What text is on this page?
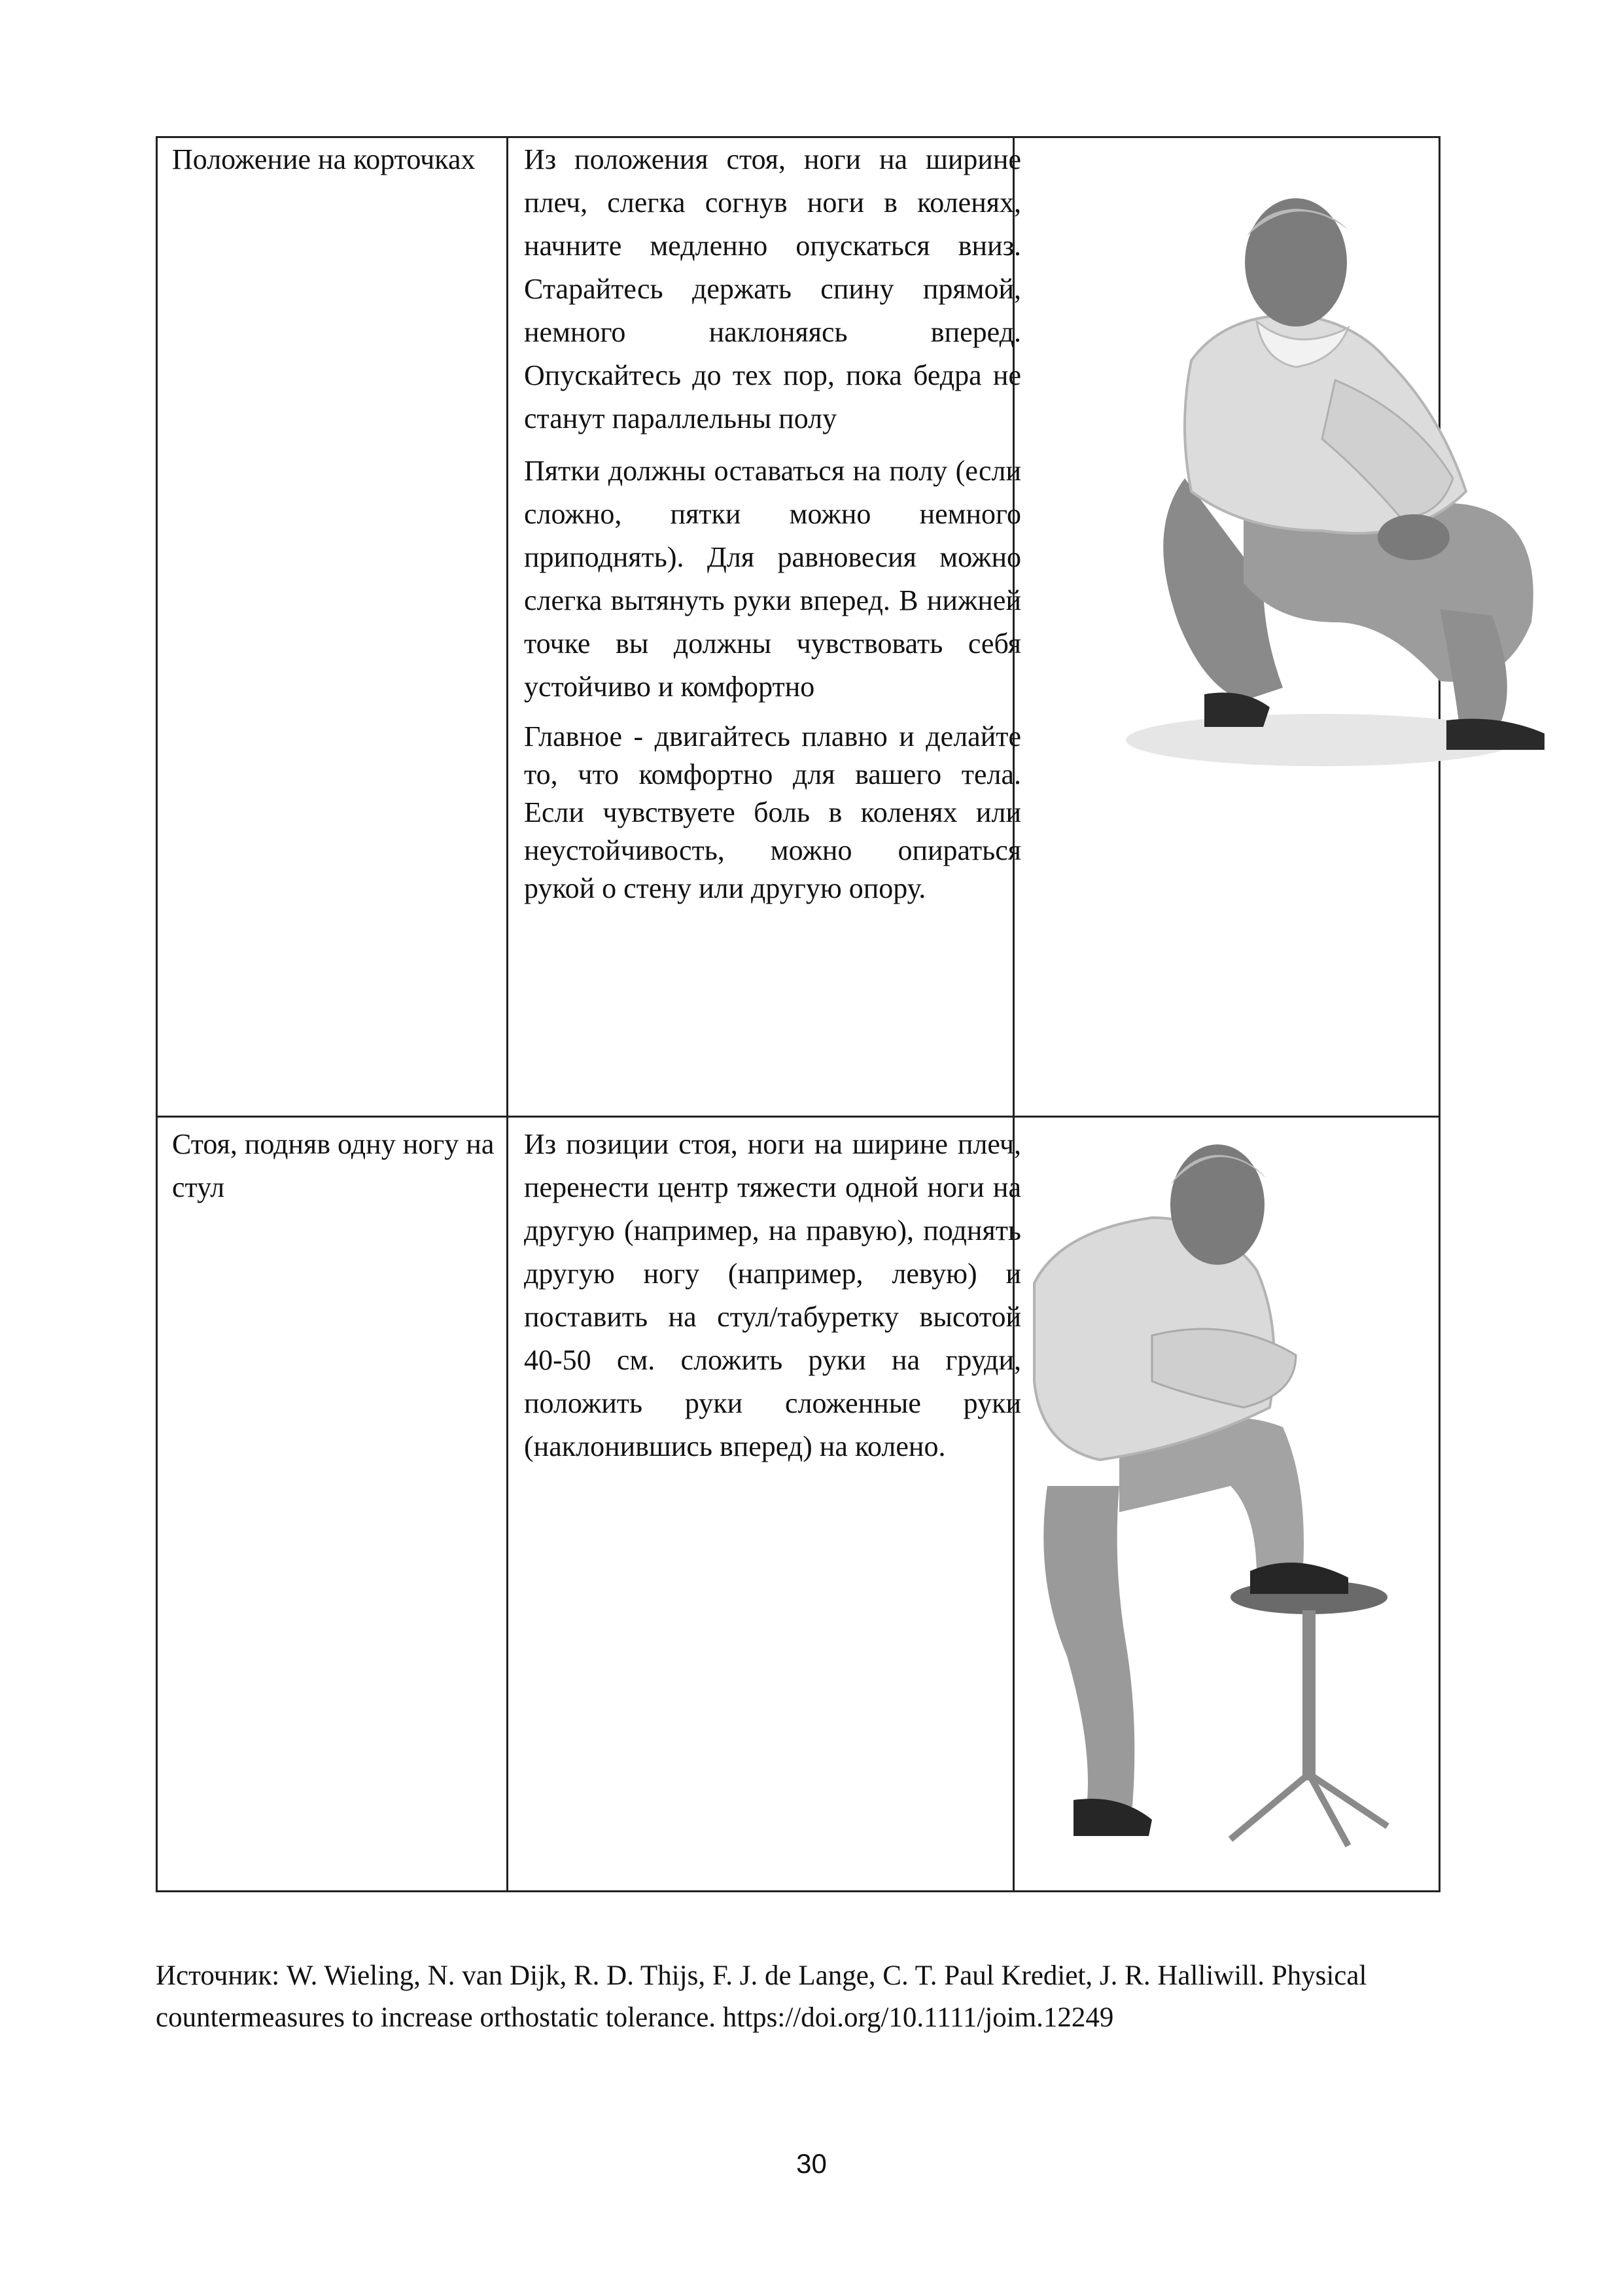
Положение на корточках	Из положения стоя, ноги на ширине плеч, слегка согнув ноги в коленях, начните медленно опускаться вниз. Старайтесь держать спину прямой, немного наклоняясь вперед. Опускайтесь до тех пор, пока бедра не станут параллельны полу

Пятки должны оставаться на полу (если сложно, пятки можно немного приподнять). Для равновесия можно слегка вытянуть руки вперед. В нижней точке вы должны чувствовать себя устойчиво и комфортно

Главное - двигайтесь плавно и делайте то, что комфортно для вашего тела. Если чувствуете боль в коленях или неустойчивость, можно опираться рукой о стену или другую опору.

Стоя, подняв одну ногу на стул

Из позиции стоя, ноги на ширине плеч, перенести центр тяжести одной ноги на другую (например, на правую), поднять другую ногу (например, левую) и поставить на стул/табуретку высотой 40-50 см. сложить руки на груди, положить руки сложенные руки (наклонившись вперед) на колено.

Источник: W. Wieling, N. van Dijk, R. D. Thijs, F. J. de Lange, C. T. Paul Krediet, J. R. Halliwill. Physical
countermeasures to increase orthostatic tolerance. https://doi.org/10.1111/joim.12249
30
